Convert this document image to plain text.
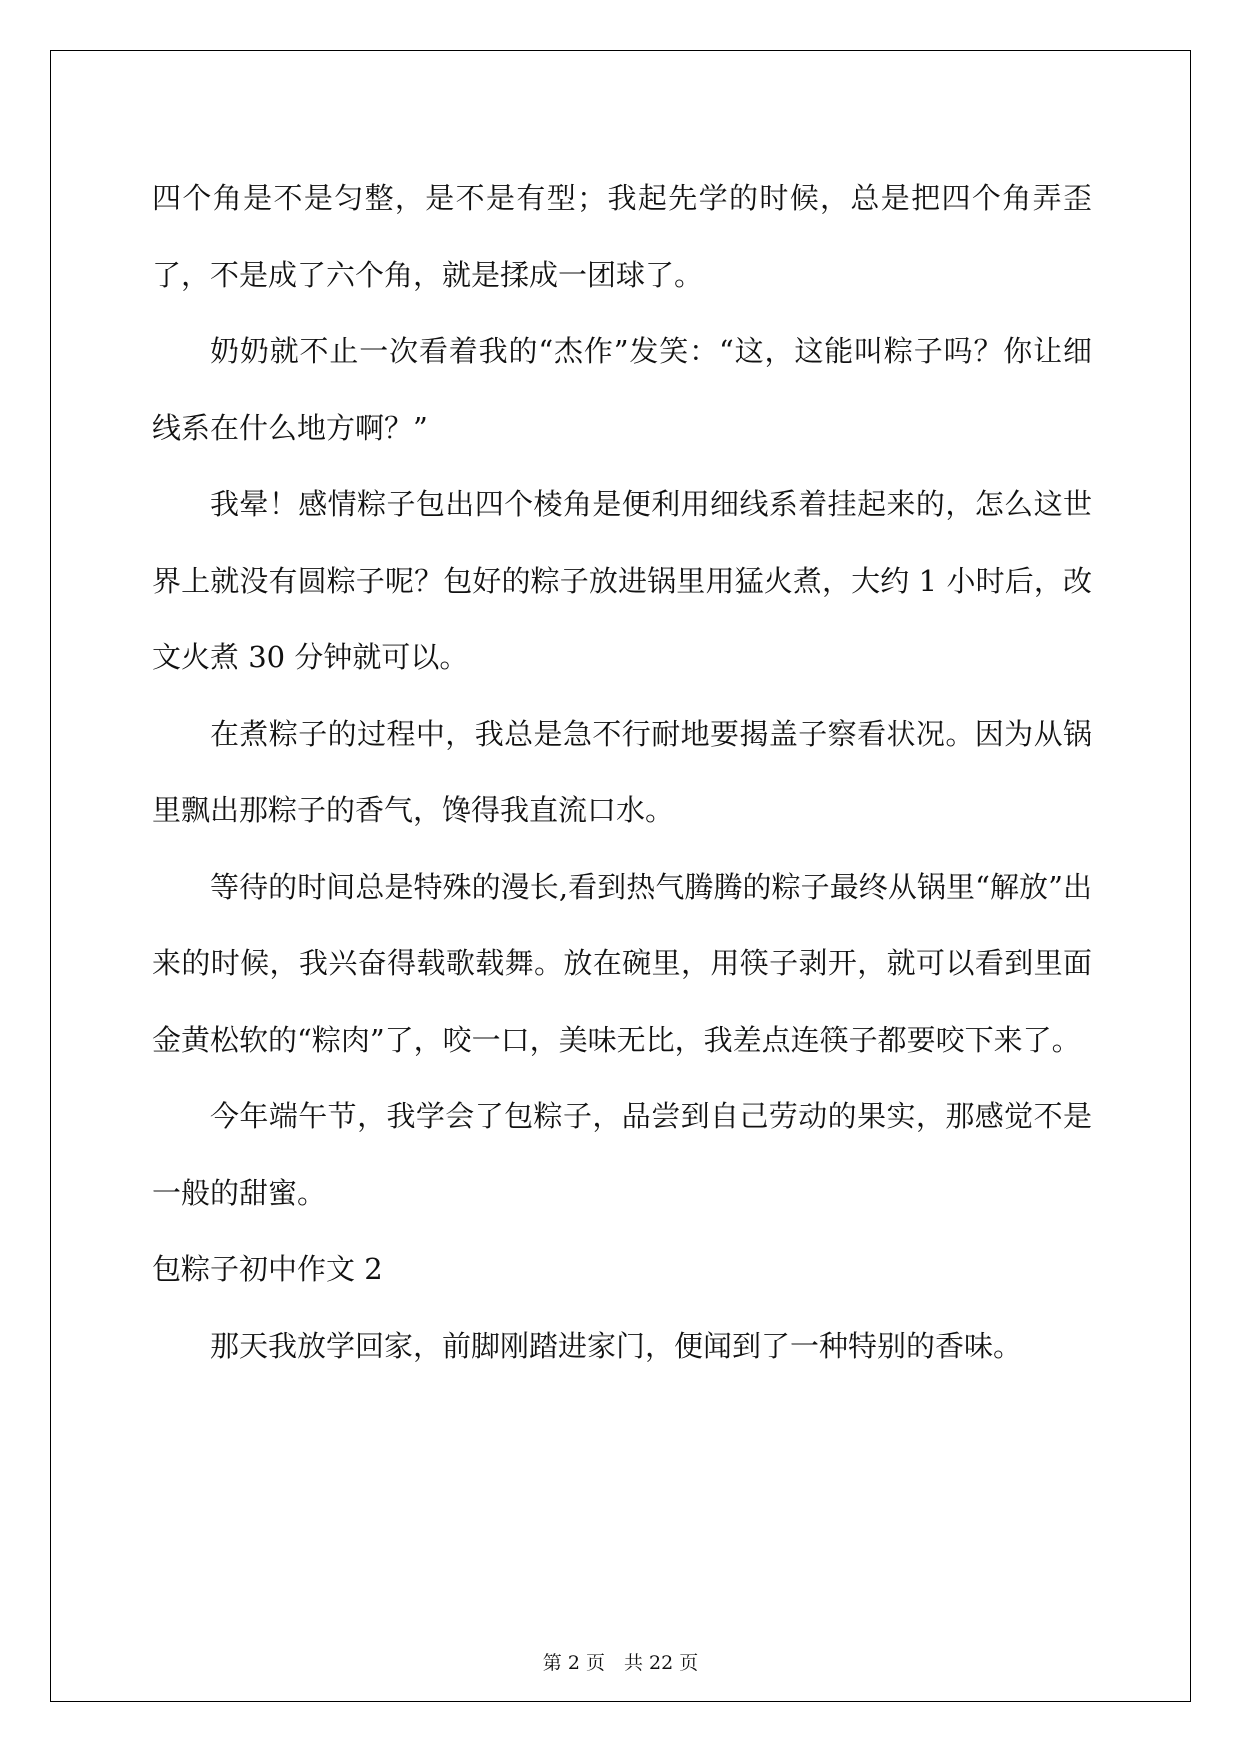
四个角是不是匀整，是不是有型；我起先学的时候，总是把四个角弄歪了，不是成了六个角，就是揉成一团球了。

奶奶就不止一次看着我的“杰作”发笑：“这，这能叫粽子吗？你让细线系在什么地方啊？”

我晕！感情粽子包出四个棱角是便利用细线系着挂起来的，怎么这世界上就没有圆粽子呢？包好的粽子放进锅里用猛火煮，大约 1 小时后，改文火煮 30 分钟就可以。

在煮粽子的过程中，我总是急不行耐地要揭盖子察看状况。因为从锅里飘出那粽子的香气，馋得我直流口水。

等待的时间总是特殊的漫长,看到热气腾腾的粽子最终从锅里“解放”出来的时候，我兴奋得载歌载舞。放在碗里，用筷子剥开，就可以看到里面金黄松软的“粽肉”了，咬一口，美味无比，我差点连筷子都要咬下来了。

今年端午节，我学会了包粽子，品尝到自己劳动的果实，那感觉不是一般的甜蜜。

包粽子初中作文 2

那天我放学回家，前脚刚踏进家门，便闻到了一种特别的香味。

第 2 页　共 22 页
